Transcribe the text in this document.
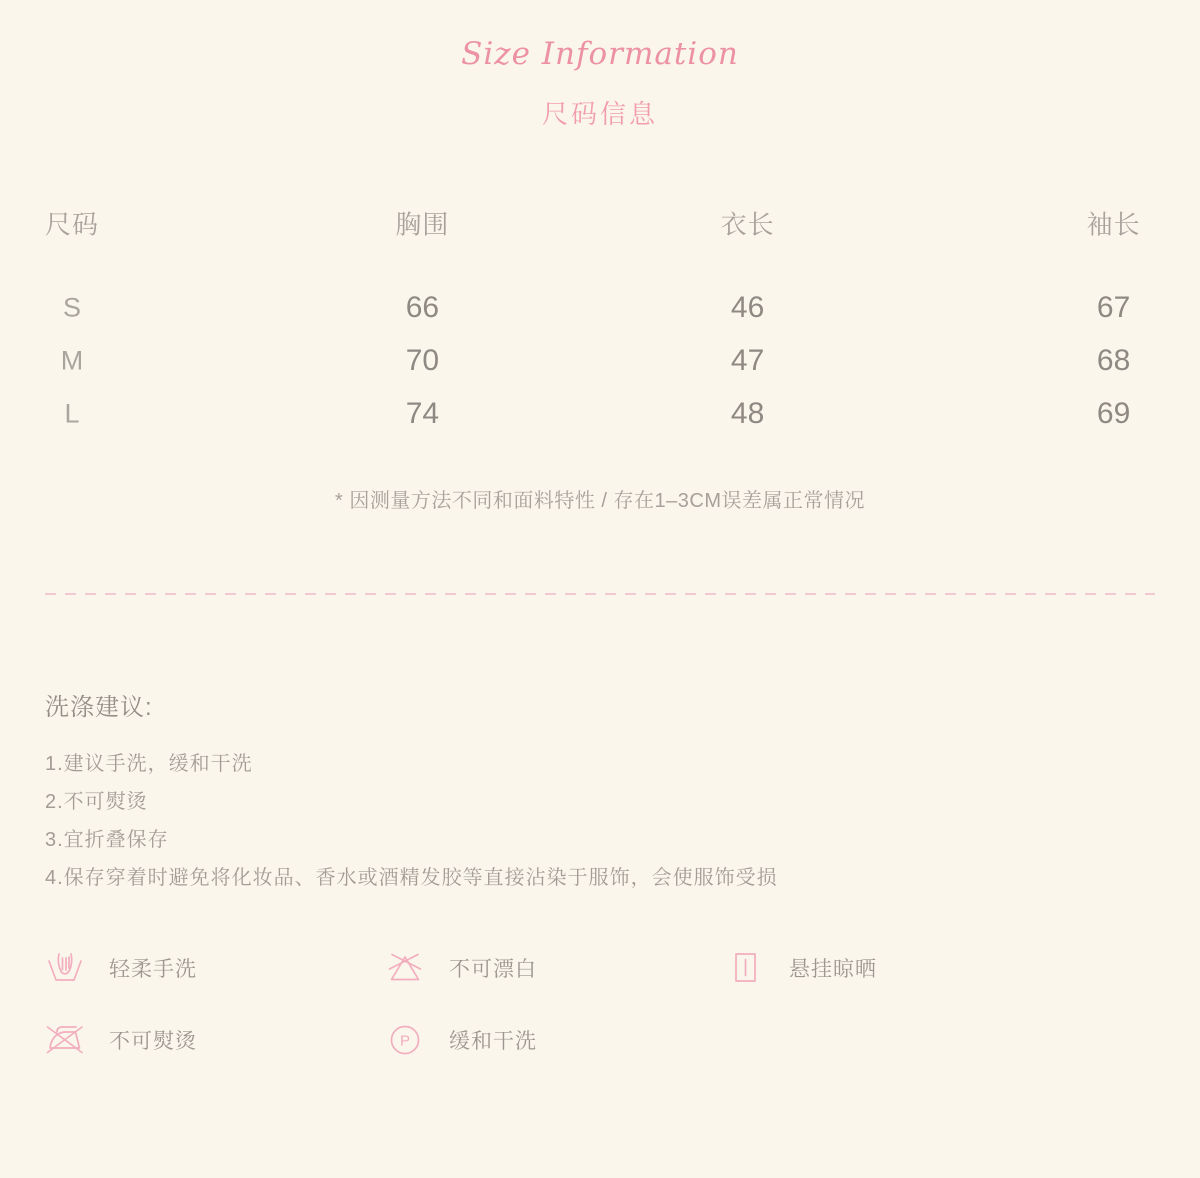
Size Information
尺码信息
尺码	胸围	衣长	袖长
S	66	46	67
M	70	47	68
L	74	48	69
* 因测量方法不同和面料特性 / 存在1–3CM误差属正常情况
洗涤建议:
1.建议手洗，缓和干洗
2.不可熨烫
3.宜折叠保存
4.保存穿着时避免将化妆品、香水或酒精发胶等直接沾染于服饰，会使服饰受损
轻柔手洗	不可漂白	悬挂晾晒
不可熨烫	P 缓和干洗
